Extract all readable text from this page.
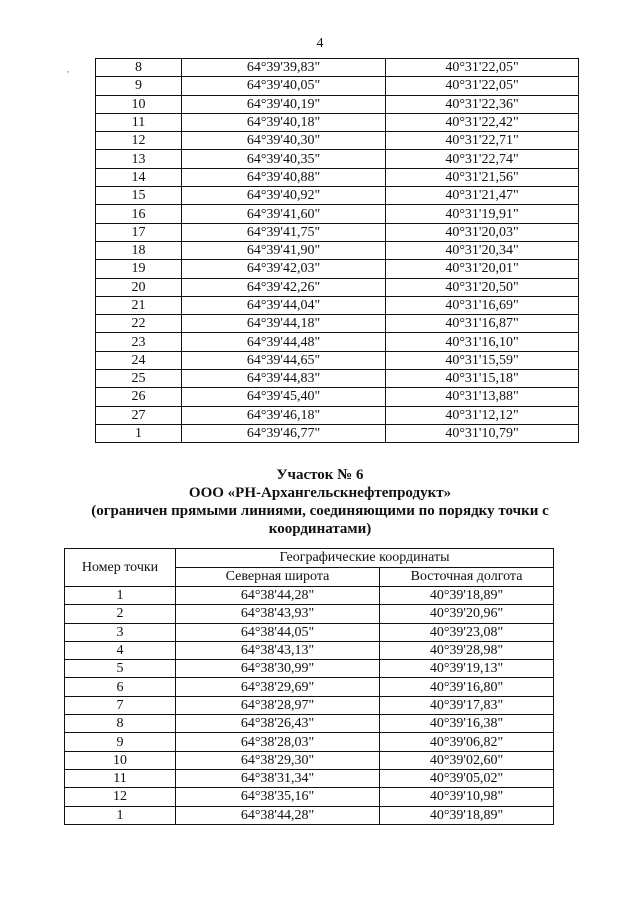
4
˙	8	64°39'39,83"	40°31'22,05"
9	64°39'40,05"	40°31'22,05"
10	64°39'40,19"	40°31'22,36"
11	64°39'40,18"	40°31'22,42"
12	64°39'40,30"	40°31'22,71"
13	64°39'40,35"	40°31'22,74"
14	64°39'40,88"	40°31'21,56"
15	64°39'40,92"	40°31'21,47"
16	64°39'41,60"	40°31'19,91"
17	64°39'41,75"	40°31'20,03"
18	64°39'41,90"	40°31'20,34"
19	64°39'42,03"	40°31'20,01"
20	64°39'42,26"	40°31'20,50"
21	64°39'44,04"	40°31'16,69"
22	64°39'44,18"	40°31'16,87"
23	64°39'44,48"	40°31'16,10"
24	64°39'44,65"	40°31'15,59"
25	64°39'44,83"	40°31'15,18"
26	64°39'45,40"	40°31'13,88"
27	64°39'46,18"	40°31'12,12"
1	64°39'46,77"	40°31'10,79"
Участок № 6
ООО «РН-Архангельскнефтепродукт»
(ограничен прямыми линиями, соединяющими по порядку точки с
координатами)
Номер точки	Географические координаты	
	Северная широта	Восточная долгота
1	64°38'44,28"	40°39'18,89"
2	64°38'43,93"	40°39'20,96"
3	64°38'44,05"	40°39'23,08"
4	64°38'43,13"	40°39'28,98"
5	64°38'30,99"	40°39'19,13"
6	64°38'29,69"	40°39'16,80"
7	64°38'28,97"	40°39'17,83"
8	64°38'26,43"	40°39'16,38"
9	64°38'28,03"	40°39'06,82"
10	64°38'29,30"	40°39'02,60"
11	64°38'31,34"	40°39'05,02"
12	64°38'35,16"	40°39'10,98"
1	64°38'44,28"	40°39'18,89"
